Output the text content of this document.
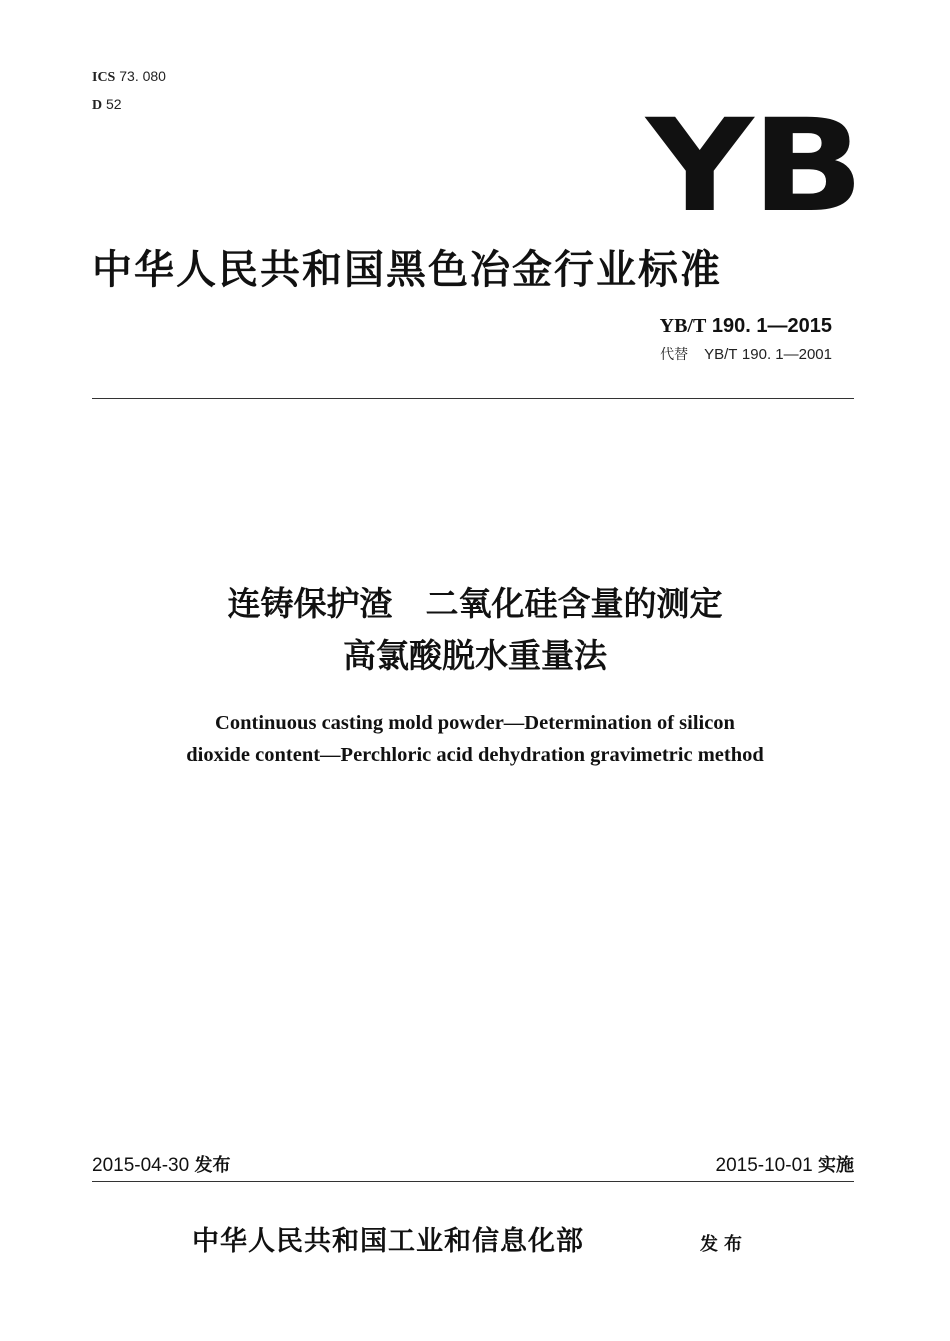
ICS 73. 080
D 52	YB
中华人民共和国黑色冶金行业标准
YB/T 190. 1—2015
代替 YB/T 190. 1—2001
连铸保护渣　二氧化硅含量的测定
高氯酸脱水重量法
Continuous casting mold powder—Determination of silicon
dioxide content—Perchloric acid dehydration gravimetric method
2015-04-30 发布	2015-10-01 实施
中华人民共和国工业和信息化部	发布
